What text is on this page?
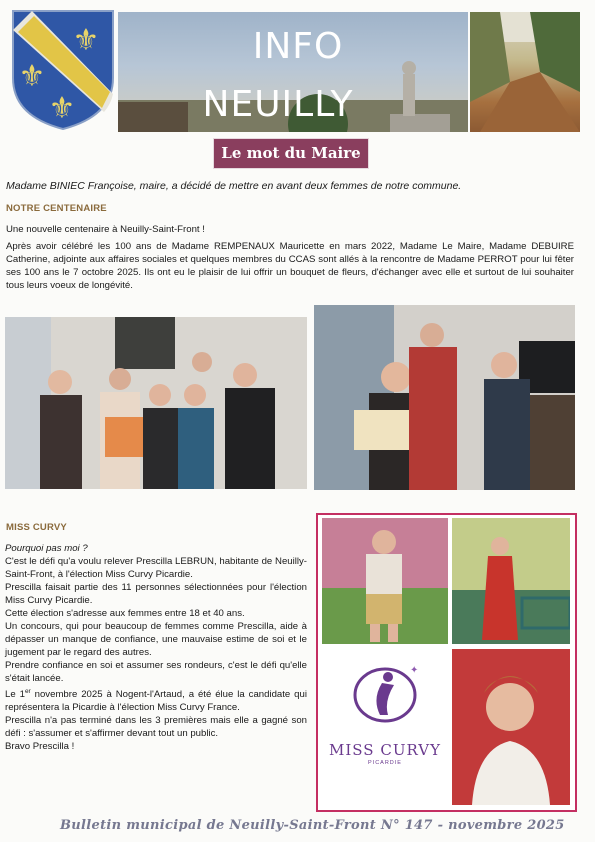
⚜
⚜
⚜
INFO
NEUILLY
Le mot du Maire
Madame BINIEC Françoise, maire, a décidé de mettre en avant deux femmes de notre commune.
NOTRE CENTENAIRE
Une nouvelle centenaire à Neuilly-Saint-Front !
Après avoir célébré les 100 ans de Madame REMPENAUX Mauricette en mars 2022, Madame Le Maire, Madame DEBUIRE Catherine, adjointe aux affaires sociales et quelques membres du CCAS sont allés à la rencontre de Madame PERROT pour lui fêter ses 100 ans le 7 octobre 2025. Ils ont eu le plaisir de lui offrir un bouquet de fleurs, d'échanger avec elle et surtout de lui souhaiter tous leurs voeux de longévité.
MISS CURVY

Pourquoi pas moi ?

C'est le défi qu'a voulu relever Prescilla LEBRUN, habitante de Neuilly-Saint-Front, à l'élection Miss Curvy Picardie.

Prescilla faisait partie des 11 personnes sélectionnées pour l'élection Miss Curvy Picardie.

Cette élection s'adresse aux femmes entre 18 et 40 ans.

Un concours, qui pour beaucoup de femmes comme Prescilla, aide à dépasser un manque de confiance, une mauvaise estime de soi et le jugement par le regard des autres.

Prendre confiance en soi et assumer ses rondeurs, c'est le défi qu'elle s'était lancée.

Le 1er novembre 2025 à Nogent-l'Artaud, a été élue la candidate qui représentera la Picardie à l'élection Miss Curvy France.

Prescilla n'a pas terminé dans les 3 premières mais elle a gagné son défi : s'assumer et s'affirmer devant tout un public.

Bravo Prescilla !

✦
MISS CURVY
PICARDIE
Bulletin municipal de Neuilly-Saint-Front N° 147 - novembre 2025
